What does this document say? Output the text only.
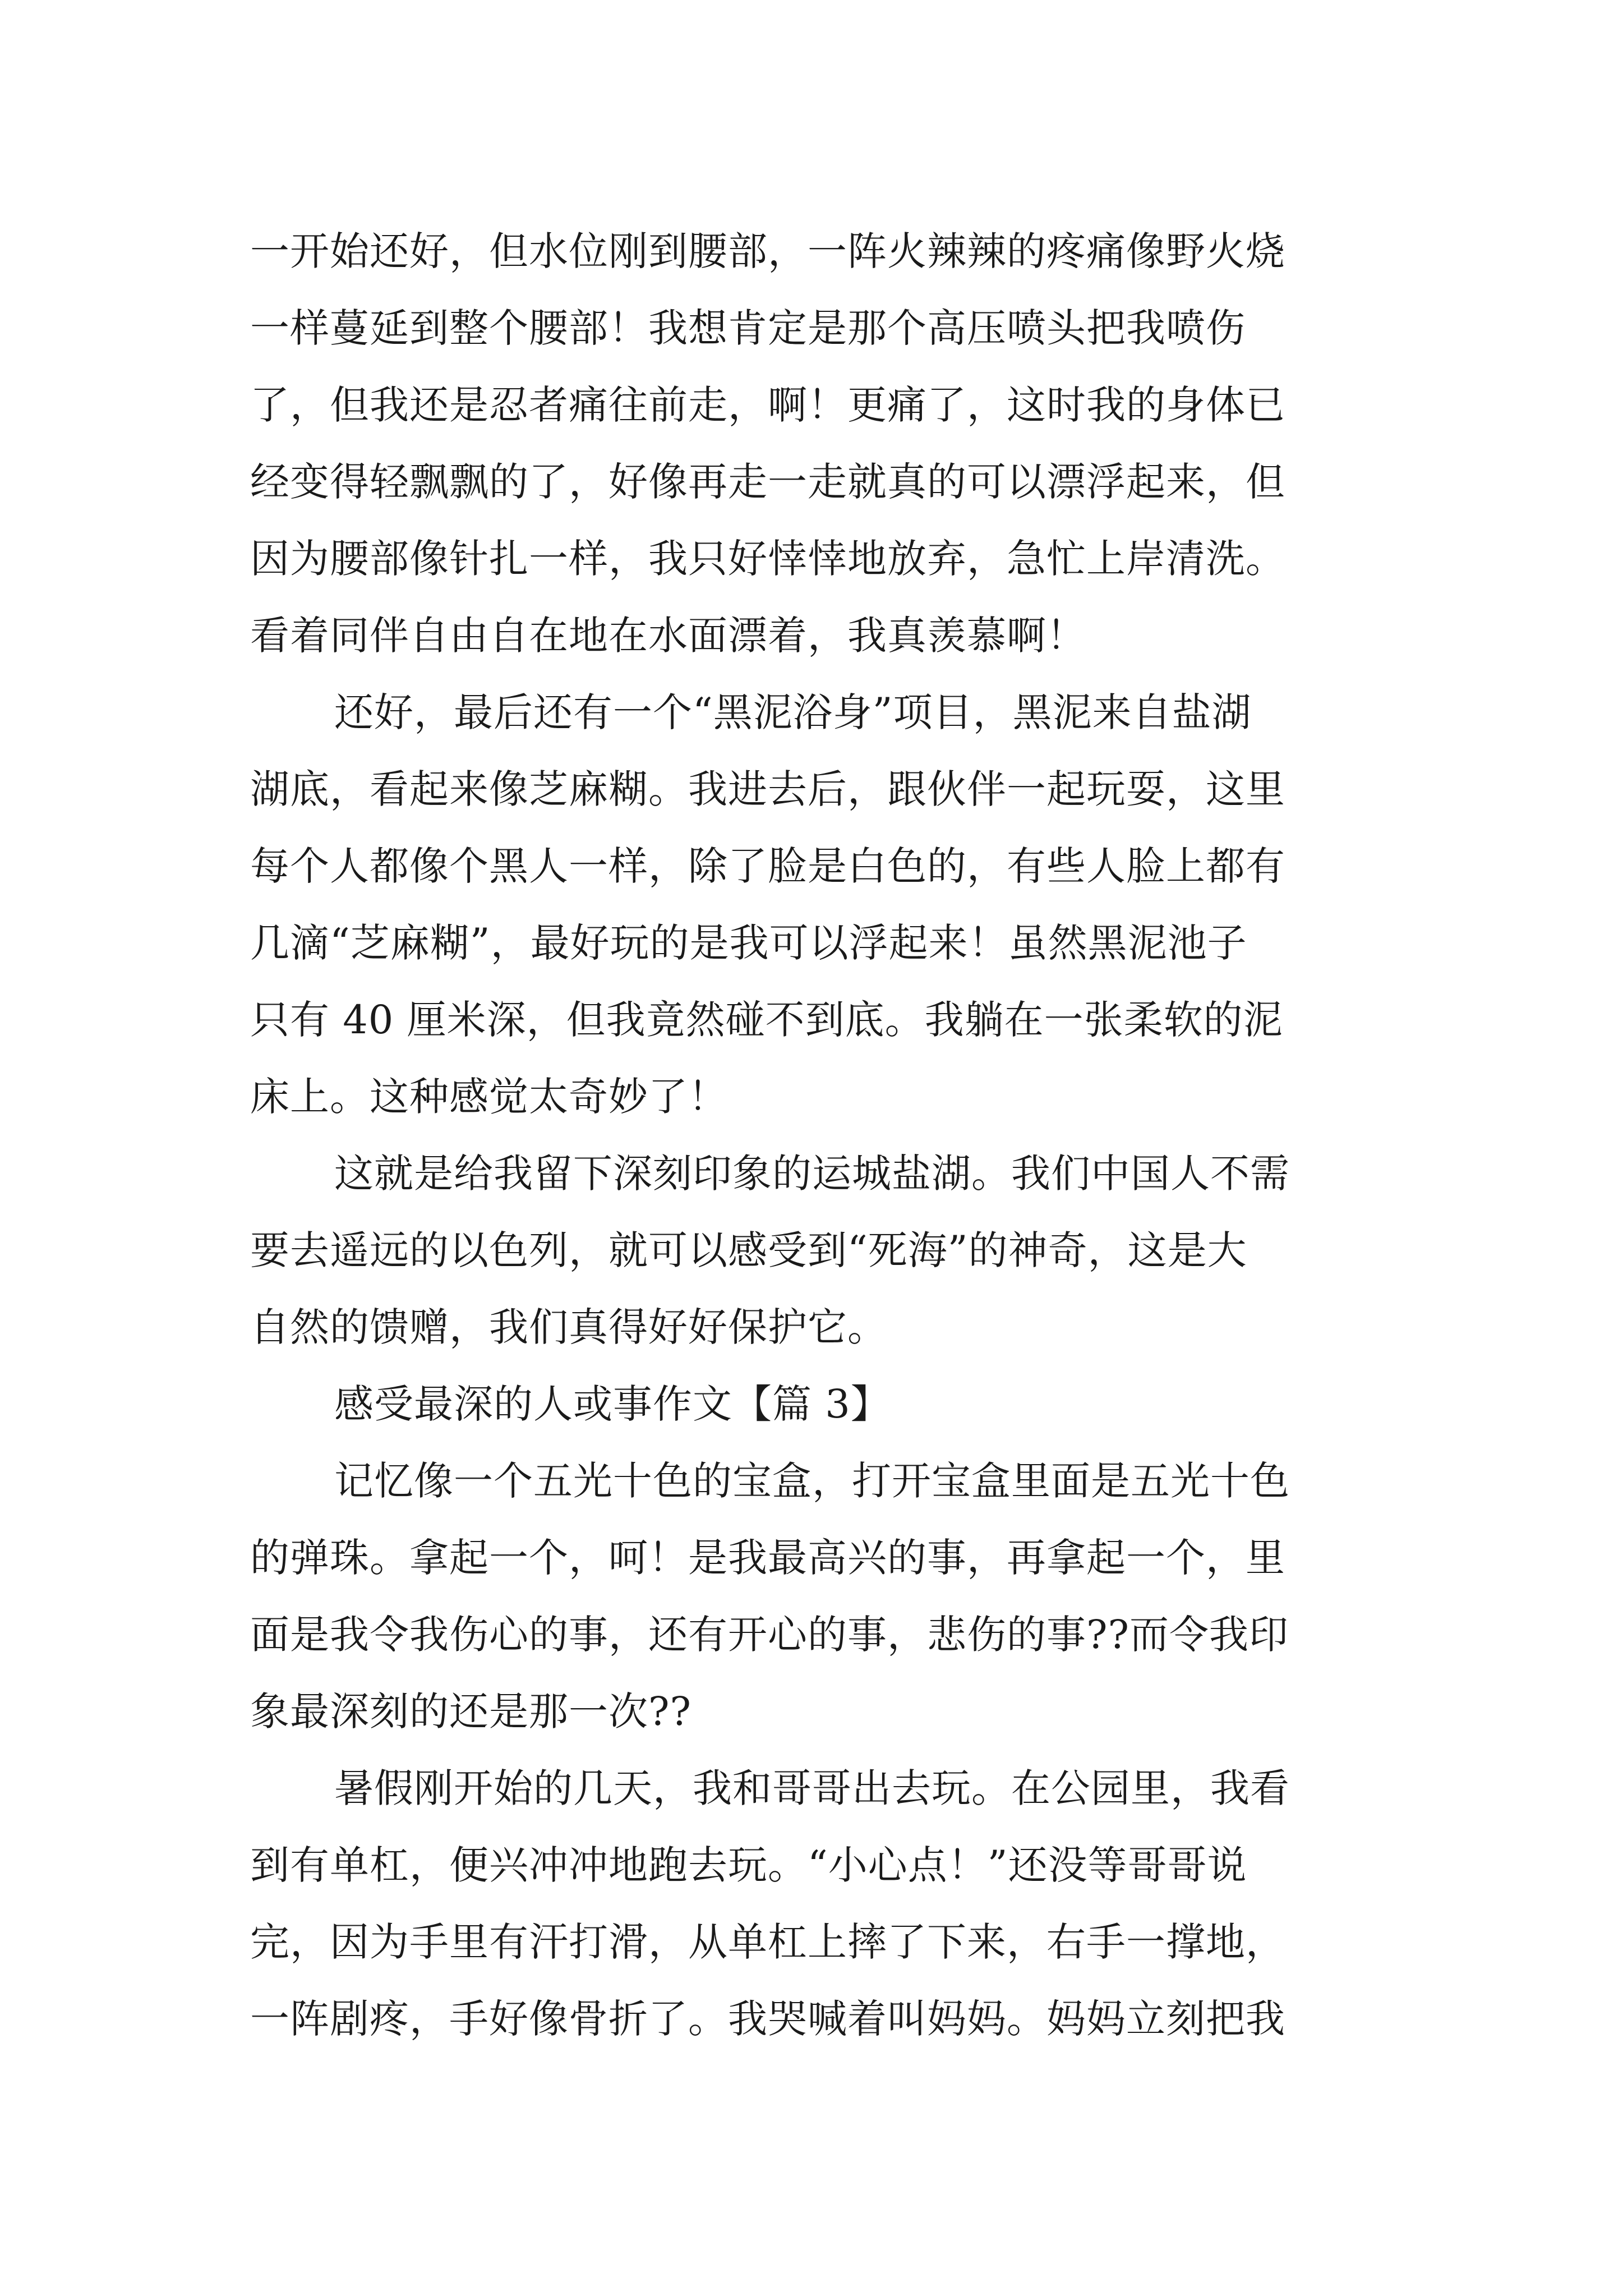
一开始还好，但水位刚到腰部，一阵火辣辣的疼痛像野火烧
一样蔓延到整个腰部！我想肯定是那个高压喷头把我喷伤
了，但我还是忍者痛往前走，啊！更痛了，这时我的身体已
经变得轻飘飘的了，好像再走一走就真的可以漂浮起来，但
因为腰部像针扎一样，我只好悻悻地放弃，急忙上岸清洗。
看着同伴自由自在地在水面漂着，我真羡慕啊！
还好，最后还有一个“黑泥浴身”项目，黑泥来自盐湖
湖底，看起来像芝麻糊。我进去后，跟伙伴一起玩耍，这里
每个人都像个黑人一样，除了脸是白色的，有些人脸上都有
几滴“芝麻糊”，最好玩的是我可以浮起来！虽然黑泥池子
只有 40 厘米深，但我竟然碰不到底。我躺在一张柔软的泥
床上。这种感觉太奇妙了！
这就是给我留下深刻印象的运城盐湖。我们中国人不需
要去遥远的以色列，就可以感受到“死海”的神奇，这是大
自然的馈赠，我们真得好好保护它。
感受最深的人或事作文【篇 3】
记忆像一个五光十色的宝盒，打开宝盒里面是五光十色
的弹珠。拿起一个，呵！是我最高兴的事，再拿起一个，里
面是我令我伤心的事，还有开心的事，悲伤的事??而令我印
象最深刻的还是那一次??
暑假刚开始的几天，我和哥哥出去玩。在公园里，我看
到有单杠，便兴冲冲地跑去玩。“小心点！”还没等哥哥说
完，因为手里有汗打滑，从单杠上摔了下来，右手一撑地，
一阵剧疼，手好像骨折了。我哭喊着叫妈妈。妈妈立刻把我
